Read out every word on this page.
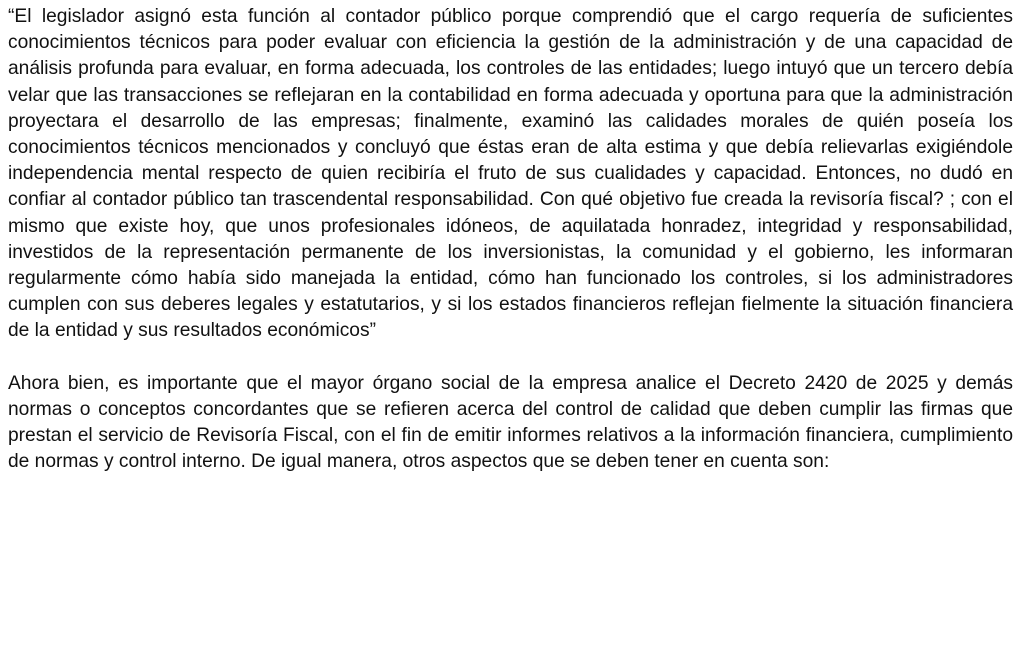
“El legislador asignó esta función al contador público porque comprendió que el cargo requería de suficientes conocimientos técnicos para poder evaluar con eficiencia la gestión de la administración y de una capacidad de análisis profunda para evaluar, en forma adecuada, los controles de las entidades; luego intuyó que un tercero debía velar que las transacciones se reflejaran en la contabilidad en forma adecuada y oportuna para que la administración proyectara el desarrollo de las empresas; finalmente, examinó las calidades morales de quién poseía los conocimientos técnicos mencionados y concluyó que éstas eran de alta estima y que debía relievarlas exigiéndole independencia mental respecto de quien recibiría el fruto de sus cualidades y capacidad. Entonces, no dudó en confiar al contador público tan trascendental responsabilidad. Con qué objetivo fue creada la revisoría fiscal? ; con el mismo que existe hoy, que unos profesionales idóneos, de aquilatada honradez, integridad y responsabilidad, investidos de la representación permanente de los inversionistas, la comunidad y el gobierno, les informaran regularmente cómo había sido manejada la entidad, cómo han funcionado los controles, si los administradores cumplen con sus deberes legales y estatutarios, y si los estados financieros reflejan fielmente la situación financiera de la entidad y sus resultados económicos”

Ahora bien, es importante que el mayor órgano social de la empresa analice el Decreto 2420 de 2025 y demás normas o conceptos concordantes que se refieren acerca del control de calidad que deben cumplir las firmas que prestan el servicio de Revisoría Fiscal, con el fin de emitir informes relativos a la información financiera, cumplimiento de normas y control interno. De igual manera, otros aspectos que se deben tener en cuenta son:
